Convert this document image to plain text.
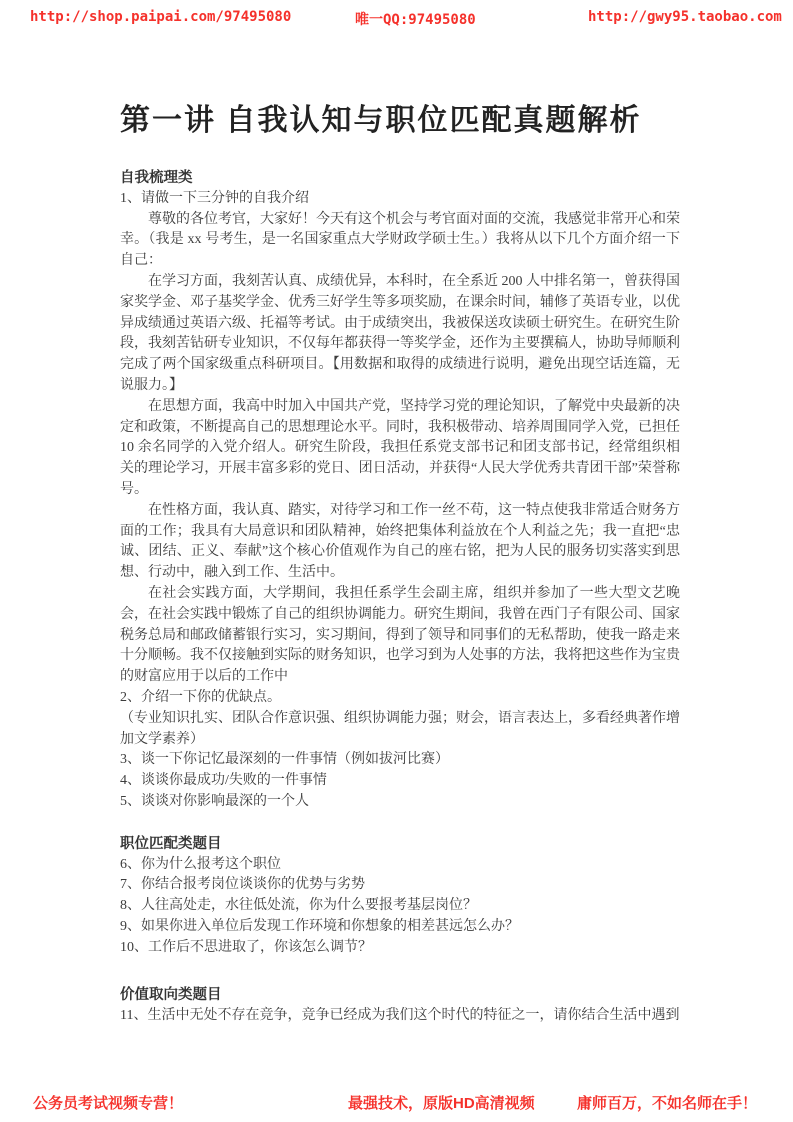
http://shop.paipai.com/97495080	唯一QQ:97495080	http://gwy95.taobao.com
第一讲 自我认知与职位匹配真题解析
自我梳理类

1、请做一下三分钟的自我介绍

尊敬的各位考官，大家好！今天有这个机会与考官面对面的交流，我感觉非常开心和荣幸。（我是 xx 号考生，是一名国家重点大学财政学硕士生。）我将从以下几个方面介绍一下自己：

在学习方面，我刻苦认真、成绩优异，本科时，在全系近 200 人中排名第一，曾获得国家奖学金、邓子基奖学金、优秀三好学生等多项奖励，在课余时间，辅修了英语专业，以优异成绩通过英语六级、托福等考试。由于成绩突出，我被保送攻读硕士研究生。在研究生阶段，我刻苦钻研专业知识，不仅每年都获得一等奖学金，还作为主要撰稿人，协助导师顺利完成了两个国家级重点科研项目。【用数据和取得的成绩进行说明，避免出现空话连篇，无说服力。】

在思想方面，我高中时加入中国共产党，坚持学习党的理论知识，了解党中央最新的决定和政策，不断提高自己的思想理论水平。同时，我积极带动、培养周围同学入党，已担任 10 余名同学的入党介绍人。研究生阶段，我担任系党支部书记和团支部书记，经常组织相关的理论学习，开展丰富多彩的党日、团日活动，并获得“人民大学优秀共青团干部”荣誉称号。

在性格方面，我认真、踏实，对待学习和工作一丝不苟，这一特点使我非常适合财务方面的工作；我具有大局意识和团队精神，始终把集体利益放在个人利益之先；我一直把“忠诚、团结、正义、奉献”这个核心价值观作为自己的座右铭，把为人民的服务切实落实到思想、行动中，融入到工作、生活中。

在社会实践方面，大学期间，我担任系学生会副主席，组织并参加了一些大型文艺晚会，在社会实践中锻炼了自己的组织协调能力。研究生期间，我曾在西门子有限公司、国家税务总局和邮政储蓄银行实习，实习期间，得到了领导和同事们的无私帮助，使我一路走来十分顺畅。我不仅接触到实际的财务知识，也学习到为人处事的方法，我将把这些作为宝贵的财富应用于以后的工作中

2、介绍一下你的优缺点。

（专业知识扎实、团队合作意识强、组织协调能力强；财会，语言表达上，多看经典著作增加文学素养）

3、谈一下你记忆最深刻的一件事情（例如拔河比赛）

4、谈谈你最成功/失败的一件事情

5、谈谈对你影响最深的一个人

职位匹配类题目

6、你为什么报考这个职位

7、你结合报考岗位谈谈你的优势与劣势

8、人往高处走，水往低处流，你为什么要报考基层岗位？

9、如果你进入单位后发现工作环境和你想象的相差甚远怎么办？

10、工作后不思进取了，你该怎么调节？

价值取向类题目

11、生活中无处不存在竞争，竞争已经成为我们这个时代的特征之一，请你结合生活中遇到

公务员考试视频专营！	最强技术，原版HD高清视频	庸师百万，不如名师在手！
